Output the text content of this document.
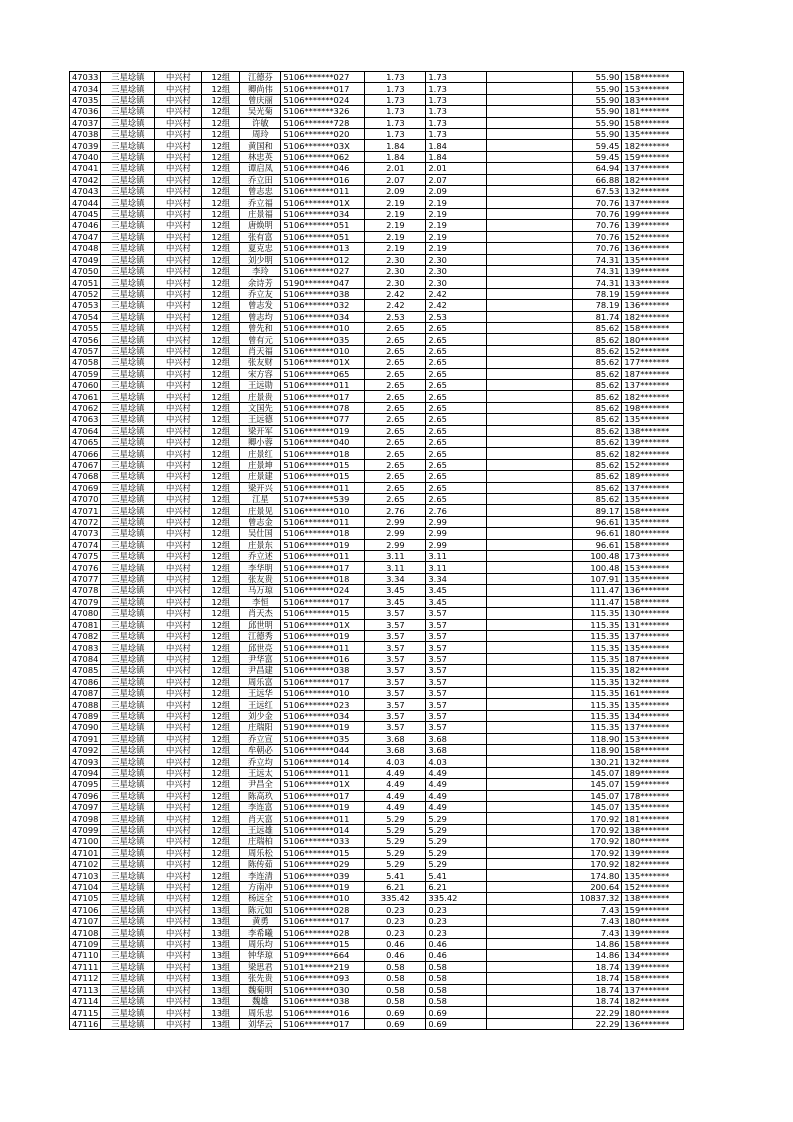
47033	三星埝镇	中兴村	12组	江德芬	5106*******027	1.73	1.73		55.90	158*******
47034	三星埝镇	中兴村	12组	卿尚伟	5106*******017	1.73	1.73		55.90	153*******
47035	三星埝镇	中兴村	12组	曾庆丽	5106*******024	1.73	1.73		55.90	183*******
47036	三星埝镇	中兴村	12组	吴光菊	5106*******326	1.73	1.73		55.90	181*******
47037	三星埝镇	中兴村	12组	许敏	5106*******728	1.73	1.73		55.90	158*******
47038	三星埝镇	中兴村	12组	周玲	5106*******020	1.73	1.73		55.90	135*******
47039	三星埝镇	中兴村	12组	黄国和	5106*******03X	1.84	1.84		59.45	182*******
47040	三星埝镇	中兴村	12组	林忠英	5106*******062	1.84	1.84		59.45	159*******
47041	三星埝镇	中兴村	12组	谭启凤	5106*******046	2.01	2.01		64.94	137*******
47042	三星埝镇	中兴村	12组	乔立田	5106*******016	2.07	2.07		66.88	182*******
47043	三星埝镇	中兴村	12组	曾志忠	5106*******011	2.09	2.09		67.53	132*******
47044	三星埝镇	中兴村	12组	乔立福	5106*******01X	2.19	2.19		70.76	137*******
47045	三星埝镇	中兴村	12组	庄景福	5106*******034	2.19	2.19		70.76	199*******
47046	三星埝镇	中兴村	12组	唐焕明	5106*******051	2.19	2.19		70.76	139*******
47047	三星埝镇	中兴村	12组	张有富	5106*******051	2.19	2.19		70.76	152*******
47048	三星埝镇	中兴村	12组	夏克忠	5106*******013	2.19	2.19		70.76	136*******
47049	三星埝镇	中兴村	12组	刘少明	5106*******012	2.30	2.30		74.31	135*******
47050	三星埝镇	中兴村	12组	李玲	5106*******027	2.30	2.30		74.31	139*******
47051	三星埝镇	中兴村	12组	余诗芳	5190*******047	2.30	2.30		74.31	133*******
47052	三星埝镇	中兴村	12组	乔立友	5106*******038	2.42	2.42		78.19	159*******
47053	三星埝镇	中兴村	12组	曾志发	5106*******032	2.42	2.42		78.19	136*******
47054	三星埝镇	中兴村	12组	曾志均	5106*******034	2.53	2.53		81.74	182*******
47055	三星埝镇	中兴村	12组	曾先和	5106*******010	2.65	2.65		85.62	158*******
47056	三星埝镇	中兴村	12组	曾有元	5106*******035	2.65	2.65		85.62	180*******
47057	三星埝镇	中兴村	12组	肖天福	5106*******010	2.65	2.65		85.62	152*******
47058	三星埝镇	中兴村	12组	张友财	5106*******01X	2.65	2.65		85.62	177*******
47059	三星埝镇	中兴村	12组	宋方容	5106*******065	2.65	2.65		85.62	187*******
47060	三星埝镇	中兴村	12组	王远勋	5106*******011	2.65	2.65		85.62	137*******
47061	三星埝镇	中兴村	12组	庄景贵	5106*******017	2.65	2.65		85.62	182*******
47062	三星埝镇	中兴村	12组	文国先	5106*******078	2.65	2.65		85.62	198*******
47063	三星埝镇	中兴村	12组	王远德	5106*******077	2.65	2.65		85.62	135*******
47064	三星埝镇	中兴村	12组	梁开军	5106*******019	2.65	2.65		85.62	138*******
47065	三星埝镇	中兴村	12组	卿小蓉	5106*******040	2.65	2.65		85.62	139*******
47066	三星埝镇	中兴村	12组	庄景红	5106*******018	2.65	2.65		85.62	182*******
47067	三星埝镇	中兴村	12组	庄景坤	5106*******015	2.65	2.65		85.62	152*******
47068	三星埝镇	中兴村	12组	庄景建	5106*******015	2.65	2.65		85.62	189*******
47069	三星埝镇	中兴村	12组	梁开兴	5106*******011	2.65	2.65		85.62	137*******
47070	三星埝镇	中兴村	12组	江星	5107*******539	2.65	2.65		85.62	135*******
47071	三星埝镇	中兴村	12组	庄景见	5106*******010	2.76	2.76		89.17	158*******
47072	三星埝镇	中兴村	12组	曾志金	5106*******011	2.99	2.99		96.61	135*******
47073	三星埝镇	中兴村	12组	吴仕国	5106*******018	2.99	2.99		96.61	180*******
47074	三星埝镇	中兴村	12组	庄景东	5106*******019	2.99	2.99		96.61	158*******
47075	三星埝镇	中兴村	12组	乔立述	5106*******011	3.11	3.11		100.48	173*******
47076	三星埝镇	中兴村	12组	李华明	5106*******017	3.11	3.11		100.48	153*******
47077	三星埝镇	中兴村	12组	张友贵	5106*******018	3.34	3.34		107.91	135*******
47078	三星埝镇	中兴村	12组	马万琼	5106*******024	3.45	3.45		111.47	136*******
47079	三星埝镇	中兴村	12组	李恒	5106*******017	3.45	3.45		111.47	158*******
47080	三星埝镇	中兴村	12组	肖天杰	5106*******015	3.57	3.57		115.35	130*******
47081	三星埝镇	中兴村	12组	邱世明	5106*******01X	3.57	3.57		115.35	131*******
47082	三星埝镇	中兴村	12组	江德秀	5106*******019	3.57	3.57		115.35	137*******
47083	三星埝镇	中兴村	12组	邱世亮	5106*******011	3.57	3.57		115.35	135*******
47084	三星埝镇	中兴村	12组	尹华富	5106*******016	3.57	3.57		115.35	187*******
47085	三星埝镇	中兴村	12组	尹昌建	5106*******038	3.57	3.57		115.35	182*******
47086	三星埝镇	中兴村	12组	周乐富	5106*******017	3.57	3.57		115.35	132*******
47087	三星埝镇	中兴村	12组	王远华	5106*******010	3.57	3.57		115.35	161*******
47088	三星埝镇	中兴村	12组	王远红	5106*******023	3.57	3.57		115.35	135*******
47089	三星埝镇	中兴村	12组	刘少金	5106*******034	3.57	3.57		115.35	134*******
47090	三星埝镇	中兴村	12组	庄瑞阳	5190*******019	3.57	3.57		115.35	137*******
47091	三星埝镇	中兴村	12组	乔立宣	5106*******035	3.68	3.68		118.90	153*******
47092	三星埝镇	中兴村	12组	牟朝必	5106*******044	3.68	3.68		118.90	158*******
47093	三星埝镇	中兴村	12组	乔立均	5106*******014	4.03	4.03		130.21	132*******
47094	三星埝镇	中兴村	12组	王远太	5106*******011	4.49	4.49		145.07	189*******
47095	三星埝镇	中兴村	12组	尹昌全	5106*******01X	4.49	4.49		145.07	159*******
47096	三星埝镇	中兴村	12组	陈高玖	5106*******017	4.49	4.49		145.07	178*******
47097	三星埝镇	中兴村	12组	李连富	5106*******019	4.49	4.49		145.07	135*******
47098	三星埝镇	中兴村	12组	肖天富	5106*******011	5.29	5.29		170.92	181*******
47099	三星埝镇	中兴村	12组	王远雄	5106*******014	5.29	5.29		170.92	138*******
47100	三星埝镇	中兴村	12组	庄瑞柏	5106*******033	5.29	5.29		170.92	180*******
47101	三星埝镇	中兴村	12组	周乐松	5106*******015	5.29	5.29		170.92	139*******
47102	三星埝镇	中兴村	12组	陈传茹	5106*******029	5.29	5.29		170.92	182*******
47103	三星埝镇	中兴村	12组	李连清	5106*******039	5.41	5.41		174.80	135*******
47104	三星埝镇	中兴村	12组	方南冲	5106*******019	6.21	6.21		200.64	152*******
47105	三星埝镇	中兴村	12组	杨远全	5106*******010	335.42	335.42		10837.32	138*******
47106	三星埝镇	中兴村	13组	陈元如	5106*******028	0.23	0.23		7.43	159*******
47107	三星埝镇	中兴村	13组	黄勇	5106*******017	0.23	0.23		7.43	180*******
47108	三星埝镇	中兴村	13组	李希曦	5106*******028	0.23	0.23		7.43	139*******
47109	三星埝镇	中兴村	13组	周乐均	5106*******015	0.46	0.46		14.86	158*******
47110	三星埝镇	中兴村	13组	钟华琼	5109*******664	0.46	0.46		14.86	134*******
47111	三星埝镇	中兴村	13组	梁思君	5101*******219	0.58	0.58		18.74	139*******
47112	三星埝镇	中兴村	13组	张先贵	5106*******093	0.58	0.58		18.74	158*******
47113	三星埝镇	中兴村	13组	魏菊明	5106*******030	0.58	0.58		18.74	137*******
47114	三星埝镇	中兴村	13组	魏雄	5106*******038	0.58	0.58		18.74	182*******
47115	三星埝镇	中兴村	13组	周乐忠	5106*******016	0.69	0.69		22.29	180*******
47116	三星埝镇	中兴村	13组	刘华云	5106*******017	0.69	0.69		22.29	136*******
